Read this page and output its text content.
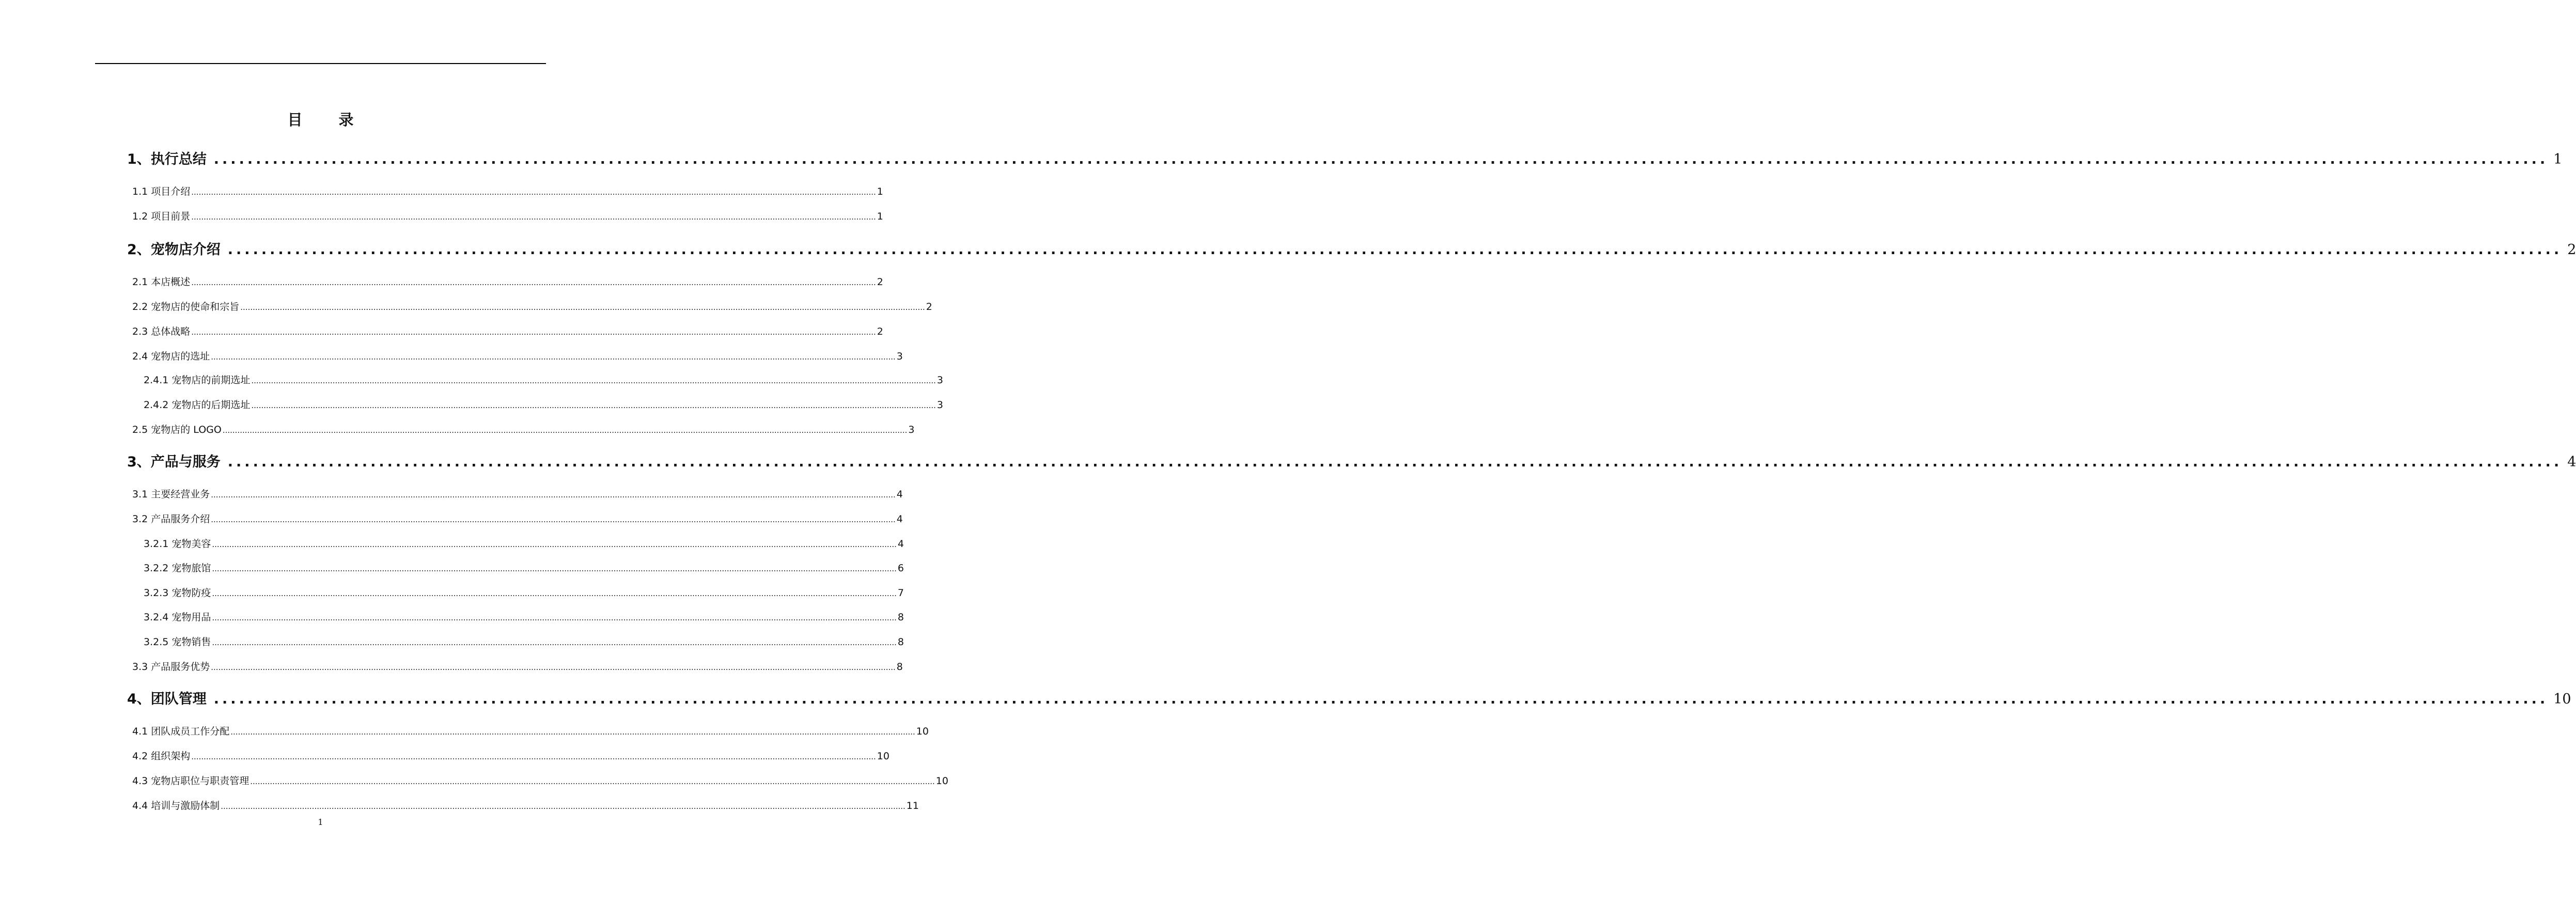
目 录
1、执行总结 ...................................................................................................................................................................................................................................................................................... 1
1.1 项目介绍 ...................................................................................................................................................................................................................................................................................... 1
1.2 项目前景 ...................................................................................................................................................................................................................................................................................... 1
2、宠物店介绍 ...................................................................................................................................................................................................................................................................................... 2
2.1 本店概述 ...................................................................................................................................................................................................................................................................................... 2
2.2 宠物店的使命和宗旨 ...................................................................................................................................................................................................................................................................................... 2
2.3 总体战略 ...................................................................................................................................................................................................................................................................................... 2
2.4 宠物店的选址 ...................................................................................................................................................................................................................................................................................... 3
2.4.1 宠物店的前期选址 ...................................................................................................................................................................................................................................................................................... 3
2.4.2 宠物店的后期选址 ...................................................................................................................................................................................................................................................................................... 3
2.5 宠物店的 LOGO ...................................................................................................................................................................................................................................................................................... 3
3、产品与服务 ...................................................................................................................................................................................................................................................................................... 4
3.1 主要经营业务 ...................................................................................................................................................................................................................................................................................... 4
3.2 产品服务介绍 ...................................................................................................................................................................................................................................................................................... 4
3.2.1 宠物美容 ...................................................................................................................................................................................................................................................................................... 4
3.2.2 宠物旅馆 ...................................................................................................................................................................................................................................................................................... 6
3.2.3 宠物防疫 ...................................................................................................................................................................................................................................................................................... 7
3.2.4 宠物用品 ...................................................................................................................................................................................................................................................................................... 8
3.2.5 宠物销售 ...................................................................................................................................................................................................................................................................................... 8
3.3 产品服务优势 ...................................................................................................................................................................................................................................................................................... 8
4、团队管理 ...................................................................................................................................................................................................................................................................................... 10
4.1 团队成员工作分配 ...................................................................................................................................................................................................................................................................................... 10
4.2 组织架构 ...................................................................................................................................................................................................................................................................................... 10
4.3 宠物店职位与职责管理 ...................................................................................................................................................................................................................................................................................... 10
4.4 培训与激励体制 ...................................................................................................................................................................................................................................................................................... 11
1
